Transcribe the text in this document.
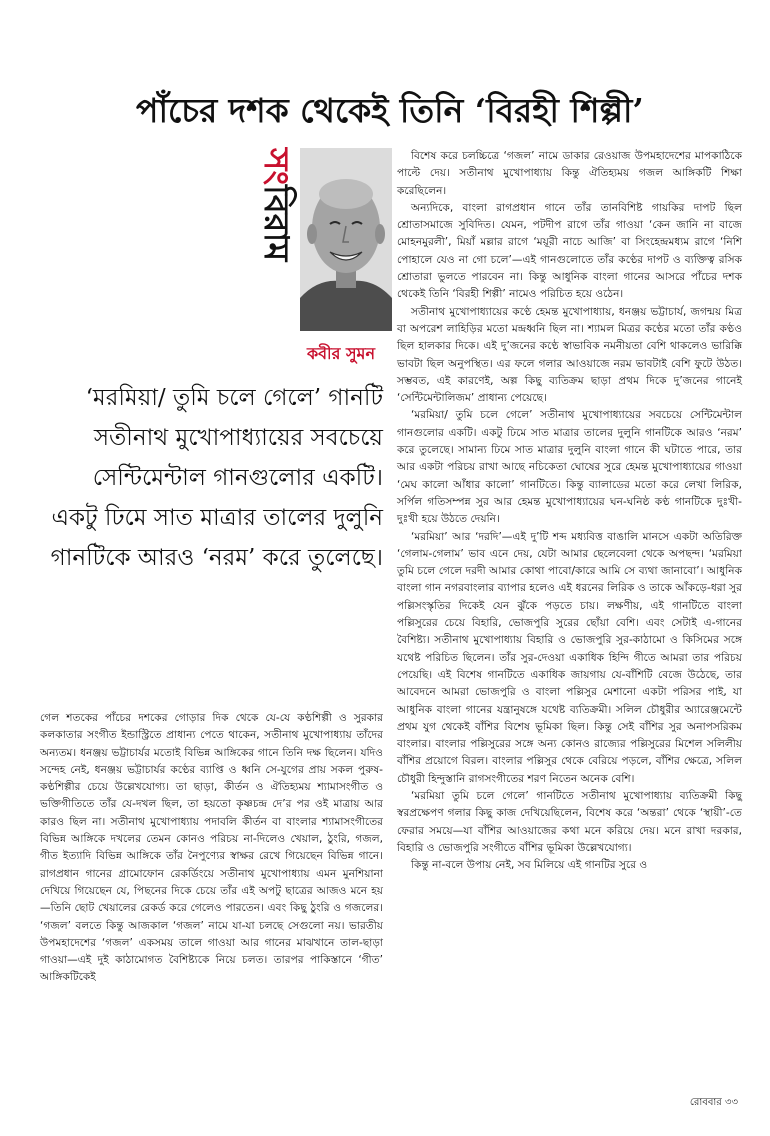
পাঁচের দশক থেকেই তিনি ‘বিরহী শিল্পী’
সংবিরাম
কবীর সুমন
‘মরমিয়া/ তুমি চলে গেলে’ গানটি সতীনাথ মুখোপাধ্যায়ের সবচেয়ে সেন্টিমেন্টাল গানগুলোর একটি। একটু ঢিমে সাত মাত্রার তালের দুলুনি গানটিকে আরও ‘নরম’ করে তুলেছে।

গেল শতকের পাঁচের দশকের গোড়ার দিক থেকে যে-যে কণ্ঠশিল্পী ও সুরকার কলকাতার সংগীত ইন্ডাস্ট্রিতে প্রাধান্য পেতে থাকেন, সতীনাথ মুখোপাধ্যায় তাঁদের অন্যতম। ধনঞ্জয় ভট্টাচার্যর মতোই বিভিন্ন আঙ্গিকের গানে তিনি দক্ষ ছিলেন। যদিও সন্দেহ নেই, ধনঞ্জয় ভট্টাচার্যর কণ্ঠের ব্যাপ্তি ও ধ্বনি সে-যুগের প্রায় সকল পুরুষ-কণ্ঠশিল্পীর চেয়ে উল্লেখযোগ্য। তা ছাড়া, কীর্তন ও ঐতিহ্যময় শ্যামাসংগীত ও ভক্তিগীতিতে তাঁর যে-দখল ছিল, তা হয়তো কৃষ্ণচন্দ্র দে’র পর ওই মাত্রায় আর কারও ছিল না। সতীনাথ মুখোপাধ্যায় পদাবলি কীর্তন বা বাংলার শ্যামাসংগীতের বিভিন্ন আঙ্গিকে দখলের তেমন কোনও পরিচয় না-দিলেও খেয়াল, ঠুংরি, গজল, গীত ইত্যাদি বিভিন্ন আঙ্গিকে তাঁর নৈপুণ্যের স্বাক্ষর রেখে গিয়েছেন বিভিন্ন গানে। রাগপ্রধান গানের গ্রামোফোন রেকর্ডিংয়ে সতীনাথ মুখোপাধ্যায় এমন মুনশিয়ানা দেখিয়ে গিয়েছেন যে, পিছনের দিকে চেয়ে তাঁর এই অপটু ছাত্রের আজও মনে হয়—তিনি ছোট খেয়ালের রেকর্ড করে গেলেও পারতেন। এবং কিছু ঠুংরি ও গজলের। ‘গজল’ বলতে কিন্তু আজকাল ‘গজল’ নামে যা-যা চলছে সেগুলো নয়। ভারতীয় উপমহাদেশের ‘গজল’ একসময় তালে গাওয়া আর গানের মাঝখানে তাল-ছাড়া গাওয়া—এই দুই কাঠামোগত বৈশিষ্ট্যকে নিয়ে চলত। তারপর পাকিস্তানে ‘গীত’ আঙ্গিকটিকেই

বিশেষ করে চলচ্চিত্রে ‘গজল’ নামে ডাকার রেওয়াজ উপমহাদেশের মাপকাঠিকে পাল্টে দেয়। সতীনাথ মুখোপাধ্যায় কিন্তু ঐতিহ্যময় গজল আঙ্গিকটি শিক্ষা করেছিলেন।

অন্যদিকে, বাংলা রাগপ্রধান গানে তাঁর তানবিশিষ্ট গায়কির দাপট ছিল শ্রোতাসমাজে সুবিদিত। যেমন, পটদীপ রাগে তাঁর গাওয়া ‘কেন জানি না বাজে মোহনমুরলী’, মিয়াঁ মল্লার রাগে ‘ময়ূরী নাচে আজি’ বা সিংহেন্দ্রমধ্যম রাগে ‘নিশি পোহালে যেও না গো চলে’—এই গানগুলোতে তাঁর কণ্ঠের দাপট ও ব্যক্তিত্ব রসিক শ্রোতারা ভুলতে পারবেন না। কিন্তু আধুনিক বাংলা গানের আসরে পাঁচের দশক থেকেই তিনি ‘বিরহী শিল্পী’ নামেও পরিচিত হয়ে ওঠেন।

সতীনাথ মুখোপাধ্যায়ের কণ্ঠে হেমন্ত মুখোপাধ্যায়, ধনঞ্জয় ভট্টাচার্য, জগন্ময় মিত্র বা অপরেশ লাহিড়ির মতো মন্দ্রধ্বনি ছিল না। শ্যামল মিত্রর কণ্ঠের মতো তাঁর কণ্ঠও ছিল হালকার দিকে। এই দু’জনের কণ্ঠে স্বাভাবিক নমনীয়তা বেশি থাকলেও ভারিক্কি ভাবটা ছিল অনুপস্থিত। এর ফলে গলার আওয়াজে নরম ভাবটাই বেশি ফুটে উঠত। সম্ভবত, এই কারণেই, অল্প কিছু ব্যতিক্রম ছাড়া প্রথম দিকে দু’জনের গানেই ‘সেন্টিমেন্টালিজম’ প্রাধান্য পেয়েছে।

‘মরমিয়া/ তুমি চলে গেলে’ সতীনাথ মুখোপাধ্যায়ের সবচেয়ে সেন্টিমেন্টাল গানগুলোর একটি। একটু ঢিমে সাত মাত্রার তালের দুলুনি গানটিকে আরও ‘নরম’ করে তুলেছে। সামান্য ঢিমে সাত মাত্রার দুলুনি বাংলা গানে কী ঘটাতে পারে, তার আর একটা পরিচয় রাখা আছে নচিকেতা ঘোষের সুরে হেমন্ত মুখোপাধ্যায়ের গাওয়া ‘মেঘ কালো আঁধার কালো’ গানটিতে। কিন্তু ব্যালাডের মতো করে লেখা লিরিক, সর্পিল গতিসম্পন্ন সুর আর হেমন্ত মুখোপাধ্যায়ের ঘন-ঘনিষ্ঠ কণ্ঠ গানটিকে দুঃখী-দুঃখী হয়ে উঠতে দেয়নি।

‘মরমিয়া’ আর ‘দরদি’—এই দু’টি শব্দ মধ্যবিত্ত বাঙালি মানসে একটা অতিরিক্ত ‘গেলাম-গেলাম’ ভাব এনে দেয়, যেটা আমার ছেলেবেলা থেকে অপছন্দ। ‘মরমিয়া তুমি চলে গেলে দরদী আমার কোথা পাবো/কারে আমি সে ব্যথা জানাবো’। আধুনিক বাংলা গান নগরবাংলার ব্যাপার হলেও এই ধরনের লিরিক ও তাকে আঁকড়ে-ধরা সুর পল্লিসংস্কৃতির দিকেই যেন ঝুঁকে পড়তে চায়। লক্ষণীয়, এই গানটিতে বাংলা পল্লিসুরের চেয়ে বিহারি, ভোজপুরি সুরের ছোঁয়া বেশি। এবং সেটাই এ-গানের বৈশিষ্ট্য। সতীনাথ মুখোপাধ্যায় বিহারি ও ভোজপুরি সুর-কাঠামো ও কিসিমের সঙ্গে যথেষ্ট পরিচিত ছিলেন। তাঁর সুর-দেওয়া একাধিক হিন্দি গীতে আমরা তার পরিচয় পেয়েছি। এই বিশেষ গানটিতে একাধিক জায়গায় যে-বাঁশিটি বেজে উঠেছে, তার আবেদনে আমরা ভোজপুরি ও বাংলা পল্লিসুর মেশানো একটা পরিসর পাই, যা আধুনিক বাংলা গানের যন্ত্রানুষঙ্গে যথেষ্ট ব্যতিক্রমী। সলিল চৌধুরীর অ্যারেঞ্জমেন্টে প্রথম যুগ থেকেই বাঁশির বিশেষ ভূমিকা ছিল। কিন্তু সেই বাঁশির সুর অনাপসরিকম বাংলার। বাংলার পল্লিসুরের সঙ্গে অন্য কোনও রাজ্যের পল্লিসুরের মিশেল সলিলীয় বাঁশির প্রয়োগে বিরল। বাংলার পল্লিসুর থেকে বেরিয়ে পড়লে, বাঁশির ক্ষেত্রে, সলিল চৌধুরী হিন্দুস্তানি রাগসংগীতের শরণ নিতেন অনেক বেশি।

‘মরমিয়া তুমি চলে গেলে’ গানটিতে সতীনাথ মুখোপাধ্যায় ব্যতিক্রমী কিছু স্বরপ্রক্ষেপণ গলার কিছু কাজ দেখিয়েছিলেন, বিশেষ করে ‘অন্তরা’ থেকে ‘স্থায়ী’-তে ফেরার সময়ে—যা বাঁশির আওয়াজের কথা মনে করিয়ে দেয়। মনে রাখা দরকার, বিহারি ও ভোজপুরি সংগীতে বাঁশির ভূমিকা উল্লেখযোগ্য।

কিন্তু না-বলে উপায় নেই, সব মিলিয়ে এই গানটির সুরে ও

রোববার ৩৩
